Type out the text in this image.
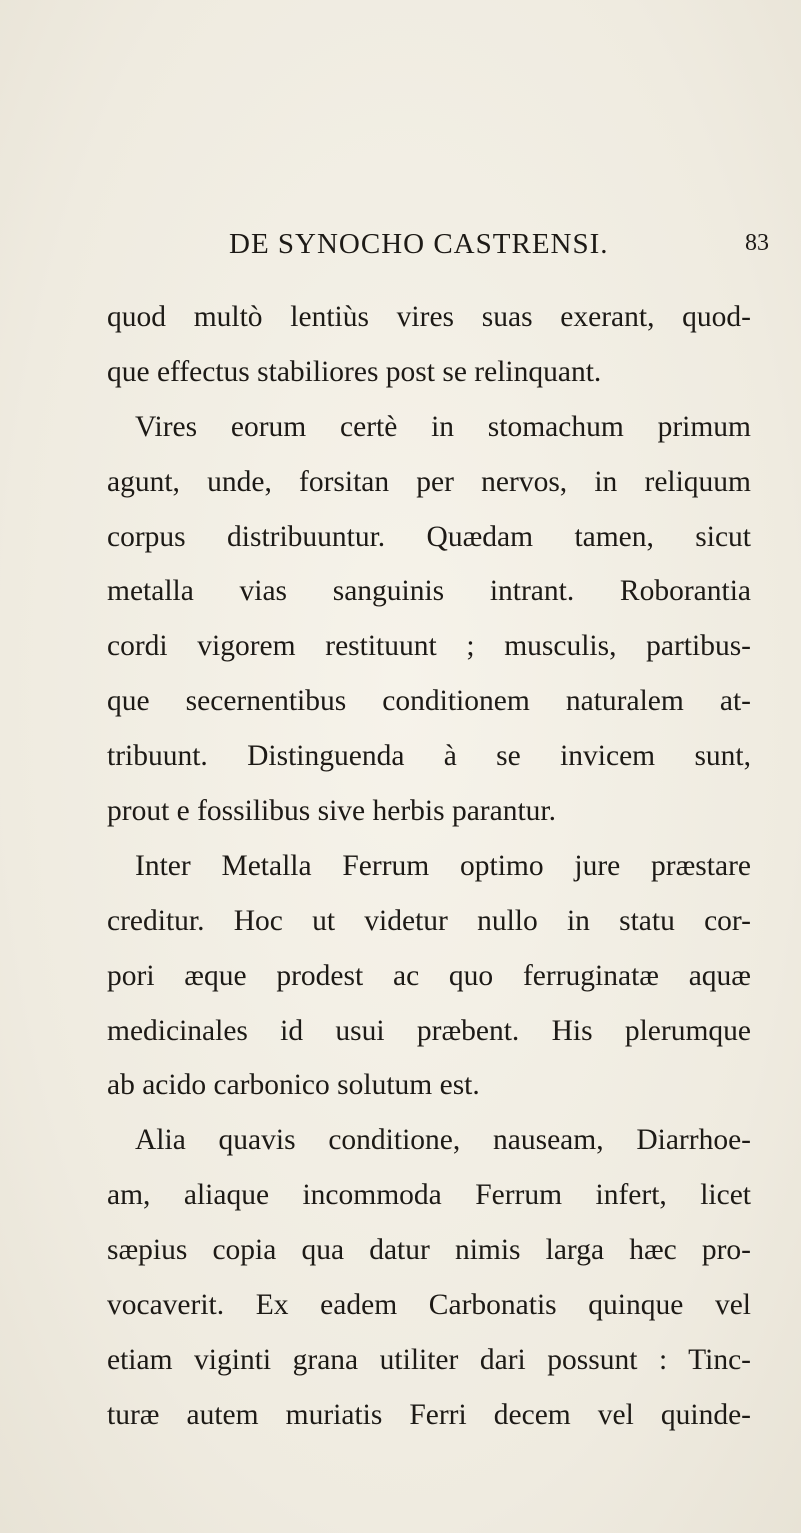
DE SYNOCHO CASTRENSI.	83
quod multò lentiùs vires suas exerant, quod-
que effectus stabiliores post se relinquant.
Vires eorum certè in stomachum primum
agunt, unde, forsitan per nervos, in reliquum
corpus distribuuntur. Quædam tamen, sicut
metalla vias sanguinis intrant. Roborantia
cordi vigorem restituunt ; musculis, partibus-
que secernentibus conditionem naturalem at-
tribuunt. Distinguenda à se invicem sunt,
prout e fossilibus sive herbis parantur.
Inter Metalla Ferrum optimo jure præstare
creditur. Hoc ut videtur nullo in statu cor-
pori æque prodest ac quo ferruginatæ aquæ
medicinales id usui præbent. His plerumque
ab acido carbonico solutum est.
Alia quavis conditione, nauseam, Diarrhoe-
am, aliaque incommoda Ferrum infert, licet
sæpius copia qua datur nimis larga hæc pro-
vocaverit. Ex eadem Carbonatis quinque vel
etiam viginti grana utiliter dari possunt : Tinc-
turæ autem muriatis Ferri decem vel quinde-
